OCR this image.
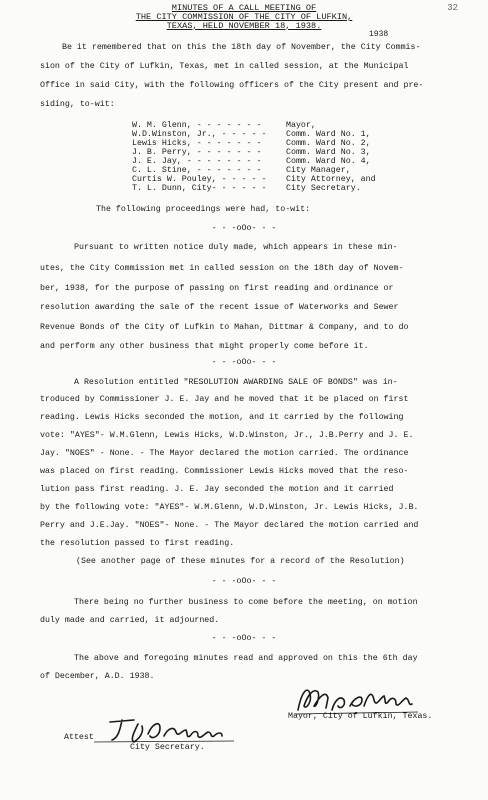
32
MINUTES OF A CALL MEETING OF
THE CITY COMMISSION OF THE CITY OF LUFKIN,
TEXAS, HELD NOVEMBER 18, 1938.
1938
Be it remembered that on this the 18th day of November, the City Commis-
sion of the City of Lufkin, Texas, met in called session, at the Municipal
Office in said City, with the following officers of the City present and pre-
siding, to-wit:
W. M. Glenn, - - - - - - -	Mayor,
W.D.Winston, Jr., - - - - - Comm. Ward No. 1,
Lewis Hicks, - - - - - - -	Comm. Ward No. 2,
J. B. Perry, - - - - - - -	Comm. Ward No. 3,
J. E. Jay, - - - - - - - -	Comm. Ward No. 4,
C. L. Stine, - - - - - - -	City Manager,
Curtis W. Pouley, - - - - - City Attorney, and
T. L. Dunn, City- - - - - - City Secretary.
The following proceedings were had, to-wit:
- - -oOo- - -
Pursuant to written notice duly made, which appears in these min-
utes, the City Commission met in called session on the 18th day of Novem-
ber, 1938, for the purpose of passing on first reading and ordinance or
resolution awarding the sale of the recent issue of Waterworks and Sewer
Revenue Bonds of the City of Lufkin to Mahan, Dittmar & Company, and to do
and perform any other business that might properly come before it.
- - -oOo- - -
A Resolution entitled "RESOLUTION AWARDING SALE OF BONDS" was in-
troduced by Commissioner J. E. Jay and he moved that it be placed on first
reading. Lewis Hicks seconded the motion, and it carried by the following
vote: "AYES"- W.M.Glenn, Lewis Hicks, W.D.Winston, Jr., J.B.Perry and J. E.
Jay. "NOES" - None. - The Mayor declared the motion carried. The ordinance
was placed on first reading. Commissioner Lewis Hicks moved that the reso-
lution pass first reading. J. E. Jay seconded the motion and it carried
by the following vote: "AYES"- W.M.Glenn, W.D.Winston, Jr. Lewis Hicks, J.B.
Perry and J.E.Jay. "NOES"- None. - The Mayor declared the motion carried and
the resolution passed to first reading.
(See another page of these minutes for a record of the Resolution)
- - -oOo- - -
There being no further business to come before the meeting, on motion
duly made and carried, it adjourned.
- - -oOo- - -
The above and foregoing minutes read and approved on this the 6th day
of December, A.D. 1938.
Mayor, City of Lufkin, Texas.
Attest
City Secretary.
